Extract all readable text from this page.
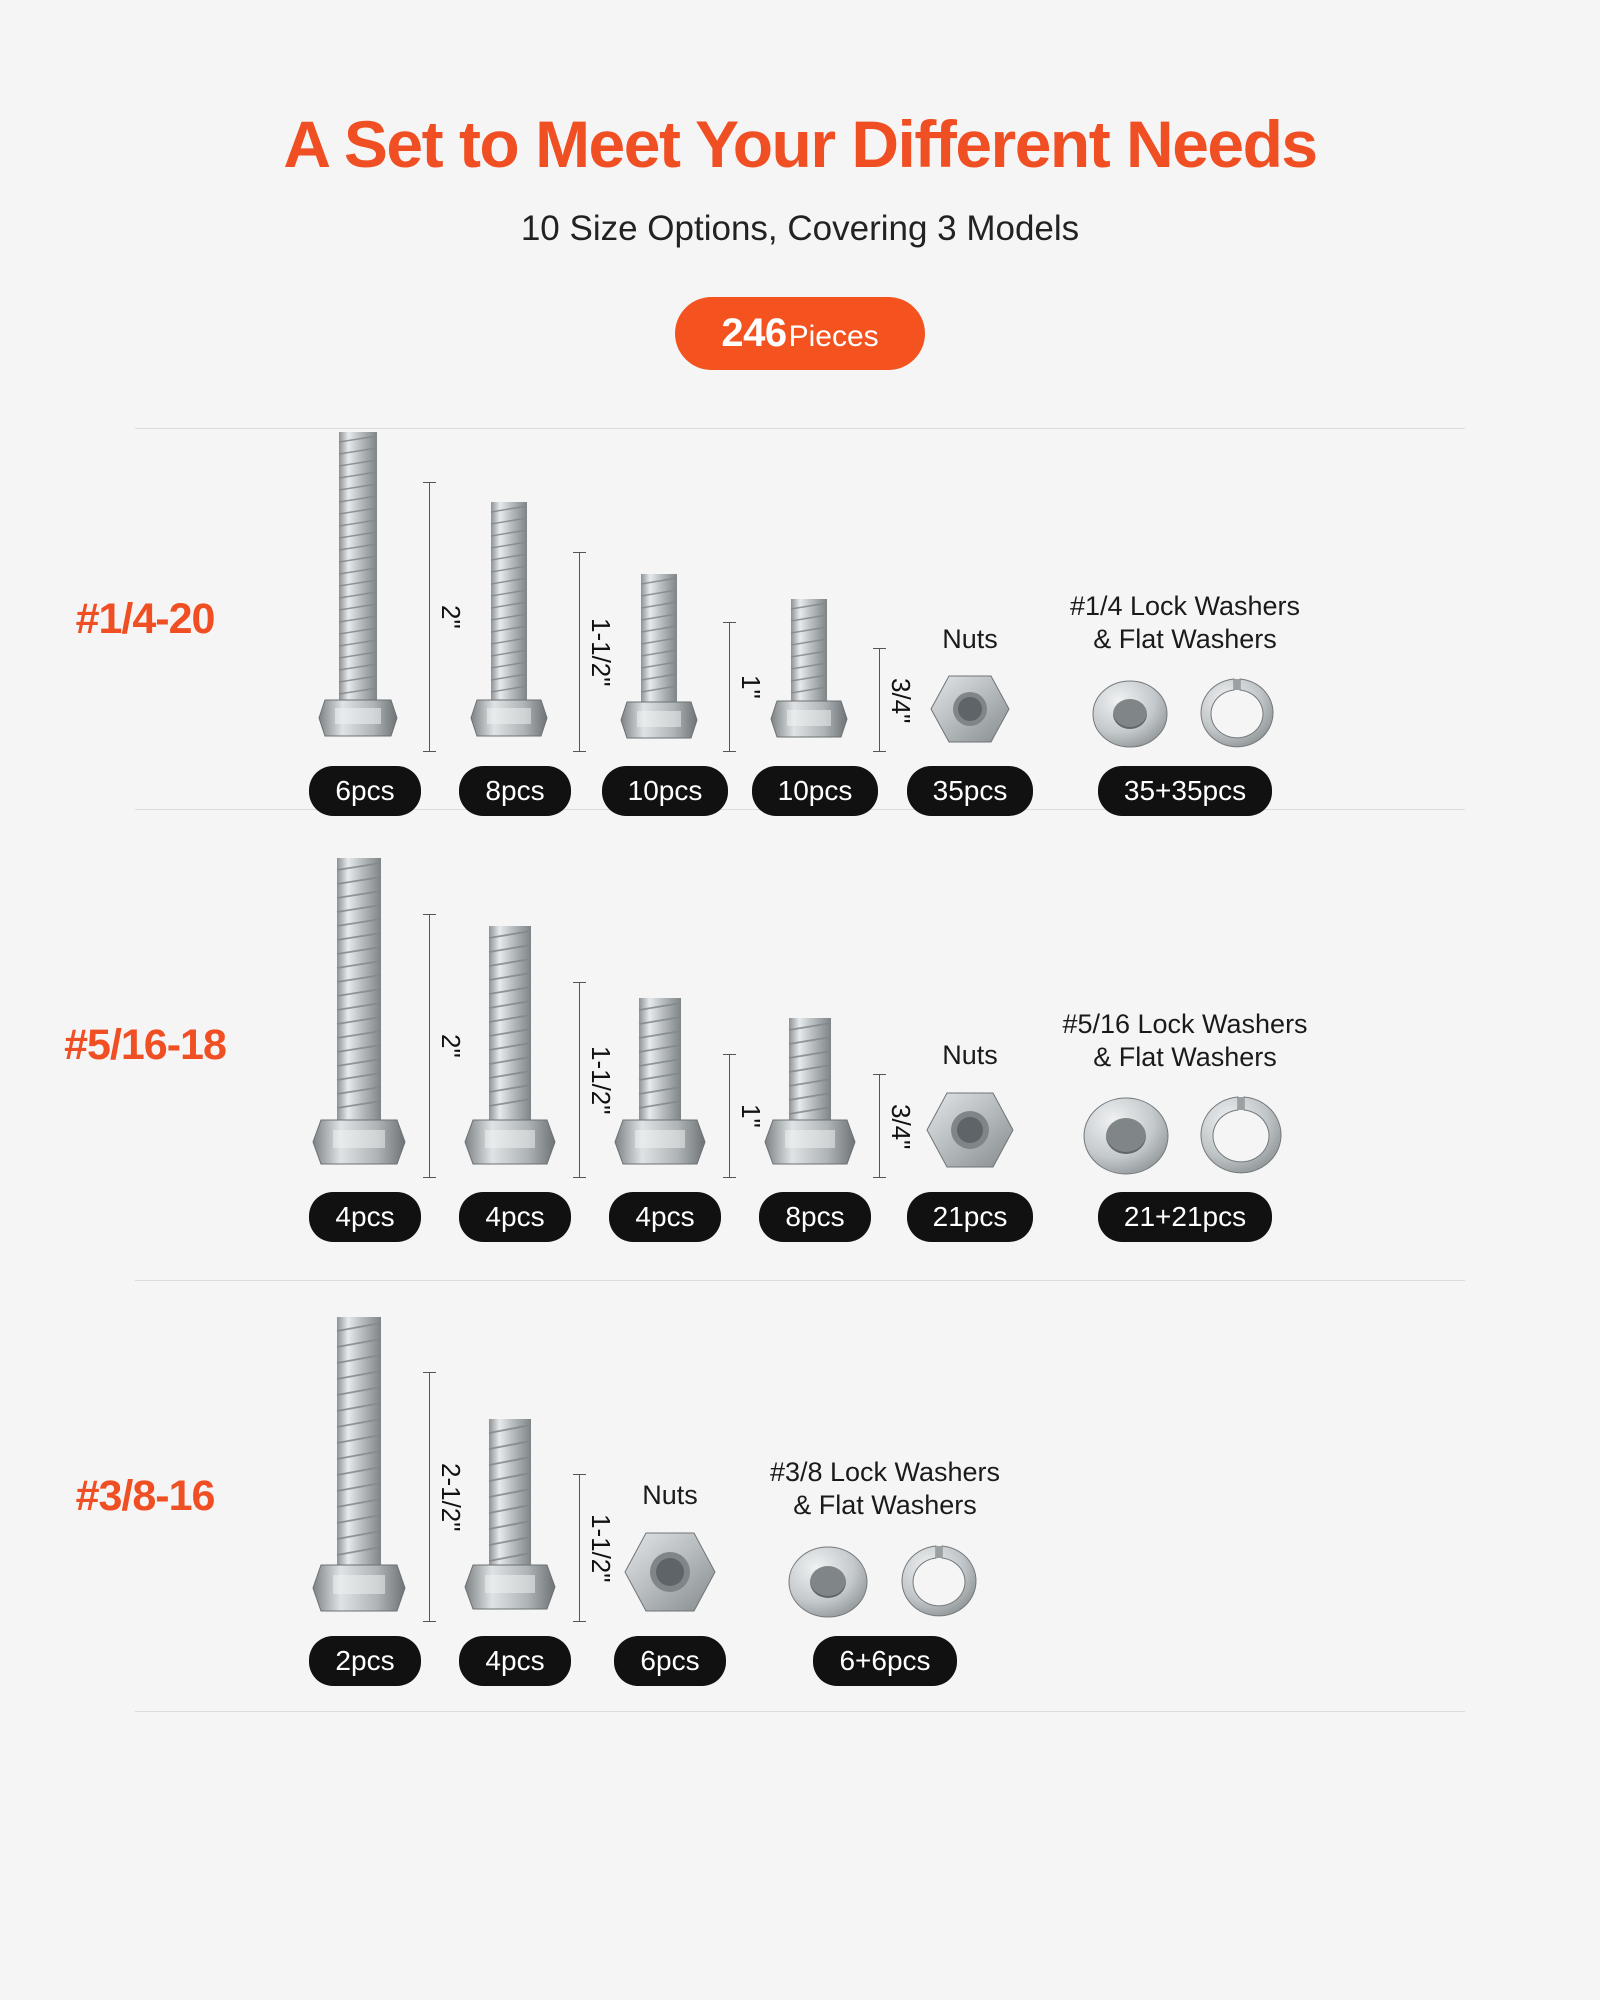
A Set to Meet Your Different Needs

10 Size Options, Covering 3 Models

246 Pieces
#1/4-20	2"
6pcs
1-1/2"
8pcs
1"
10pcs
3/4"
10pcs
Nuts
35pcs
#1/4 Lock Washers
& Flat Washers
35+35pcs
#5/16-18	2"
4pcs
1-1/2"
4pcs
1"
4pcs
3/4"
8pcs
Nuts
21pcs
#5/16 Lock Washers
& Flat Washers
21+21pcs
#3/8-16	2-1/2"
2pcs
1-1/2"
4pcs
Nuts
6pcs
#3/8 Lock Washers
& Flat Washers
6+6pcs
